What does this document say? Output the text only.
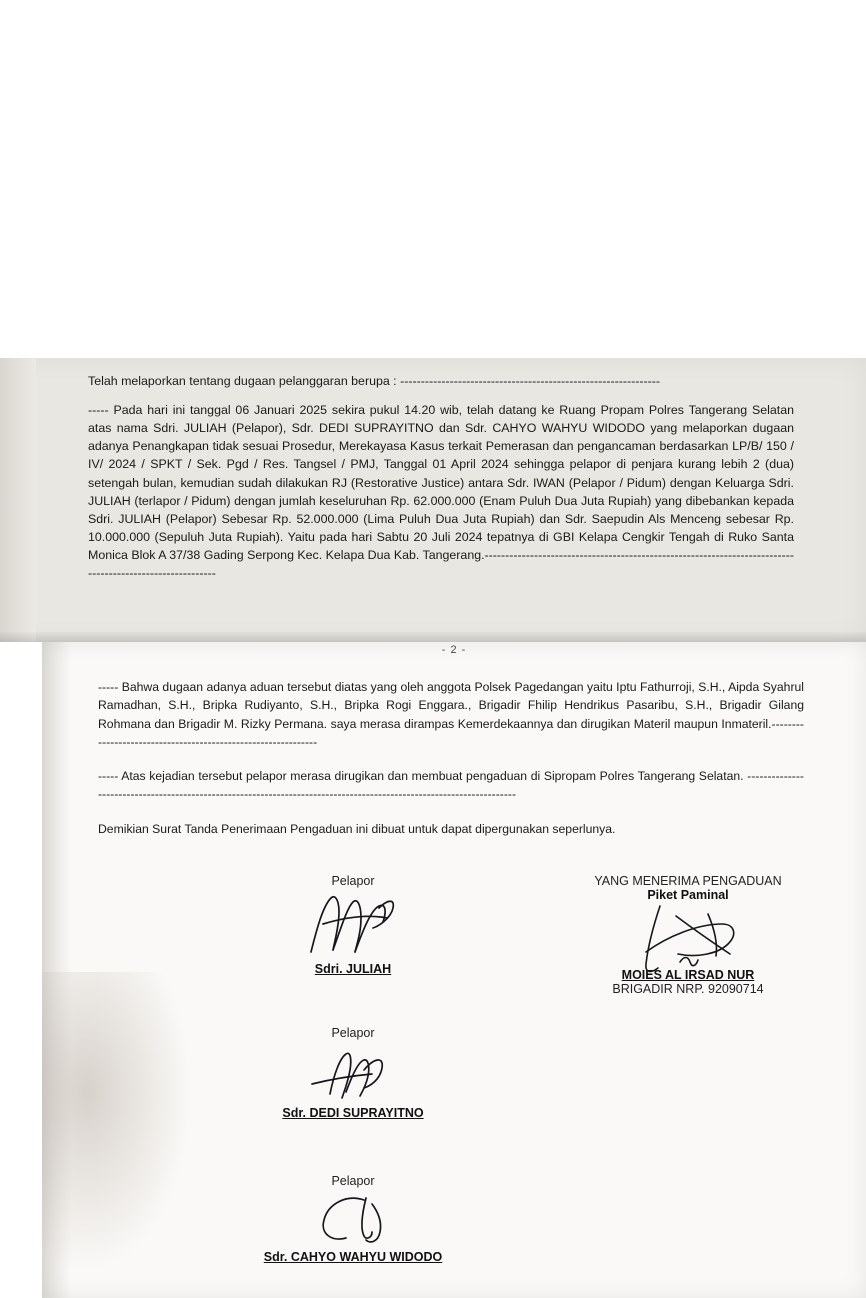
Telah melaporkan tentang dugaan pelanggaran berupa : ---------------------------------------------------------------

----- Pada hari ini tanggal 06 Januari 2025 sekira pukul 14.20 wib, telah datang ke Ruang Propam Polres Tangerang Selatan atas nama Sdri. JULIAH (Pelapor), Sdr. DEDI SUPRAYITNO dan Sdr. CAHYO WAHYU WIDODO yang melaporkan dugaan adanya Penangkapan tidak sesuai Prosedur, Merekayasa Kasus terkait Pemerasan dan pengancaman berdasarkan LP/B/ 150 / IV/ 2024 / SPKT / Sek. Pgd / Res. Tangsel / PMJ, Tanggal 01 April 2024 sehingga pelapor di penjara kurang lebih 2 (dua) setengah bulan, kemudian sudah dilakukan RJ (Restorative Justice) antara Sdr. IWAN (Pelapor / Pidum) dengan Keluarga Sdri. JULIAH (terlapor / Pidum) dengan jumlah keseluruhan Rp. 62.000.000 (Enam Puluh Dua Juta Rupiah) yang dibebankan kepada Sdri. JULIAH (Pelapor) Sebesar Rp. 52.000.000 (Lima Puluh Dua Juta Rupiah) dan Sdr. Saepudin Als Menceng sebesar Rp. 10.000.000 (Sepuluh Juta Rupiah). Yaitu pada hari Sabtu 20 Juli 2024 tepatnya di GBI Kelapa Cengkir Tengah di Ruko Santa Monica Blok A 37/38 Gading Serpong Kec. Kelapa Dua Kab. Tangerang.----------------------------------------------------------------------------------------------------------

- 2 -

----- Bahwa dugaan adanya aduan tersebut diatas yang oleh anggota Polsek Pagedangan yaitu Iptu Fathurroji, S.H., Aipda Syahrul Ramadhan, S.H., Bripka Rudiyanto, S.H., Bripka Rogi Enggara., Brigadir Fhilip Hendrikus Pasaribu, S.H., Brigadir Gilang Rohmana dan Brigadir M. Rizky Permana. saya merasa dirampas Kemerdekaannya dan dirugikan Materil maupun Inmateril.--------------------------------------------------------------

----- Atas kejadian tersebut pelapor merasa dirugikan dan membuat pengaduan di Sipropam Polres Tangerang Selatan. ---------------------------------------------------------------------------------------------------------------------

Demikian Surat Tanda Penerimaan Pengaduan ini dibuat untuk dapat dipergunakan seperlunya.

Pelapor
Sdri. JULIAH
YANG MENERIMA PENGADUAN
Piket Paminal
MOIES AL IRSAD NUR
BRIGADIR NRP. 92090714
Pelapor
Sdr. DEDI SUPRAYITNO
Pelapor
Sdr. CAHYO WAHYU WIDODO
